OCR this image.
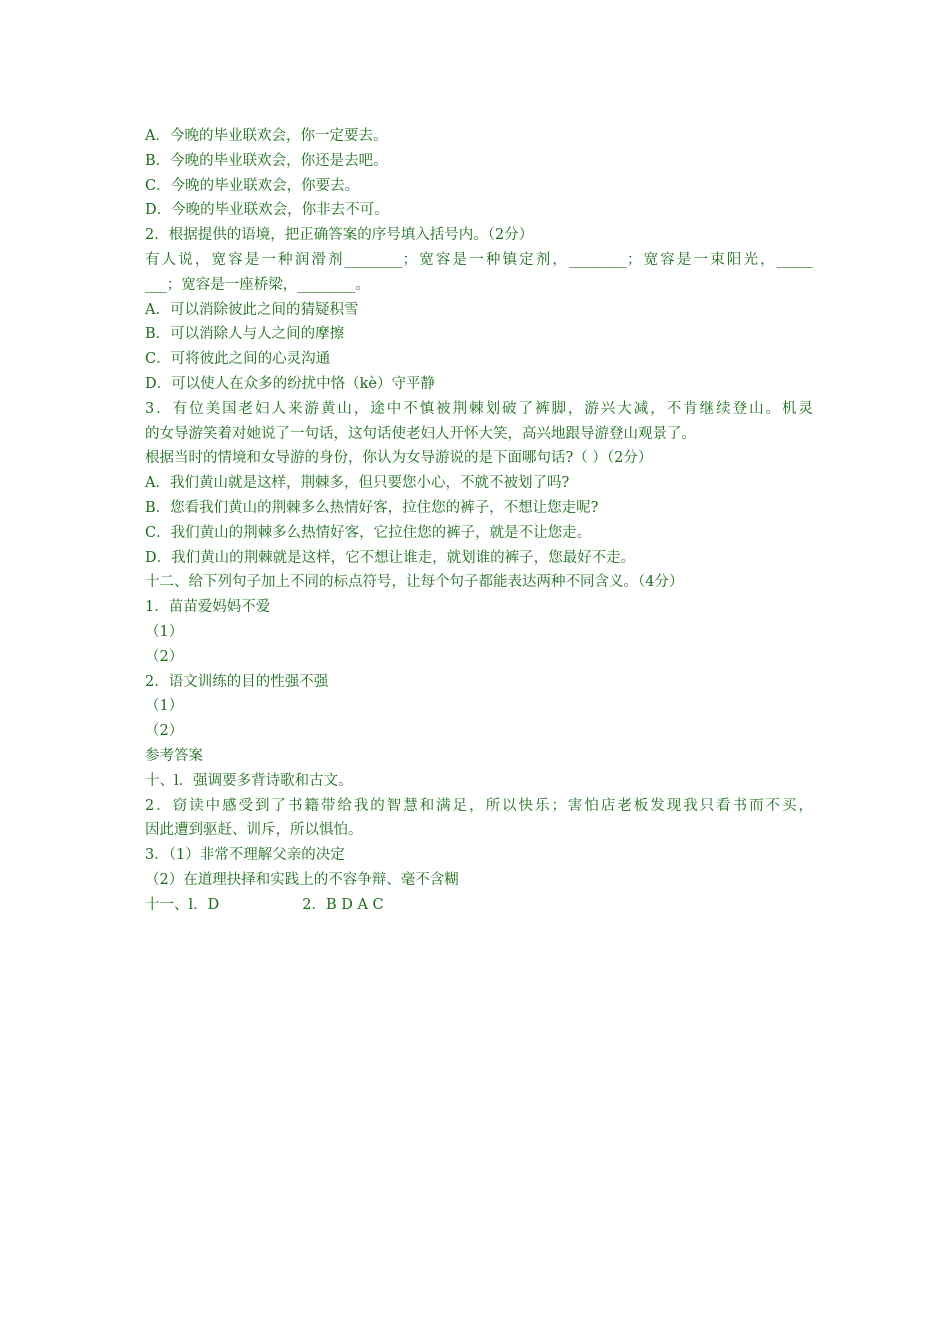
A．今晚的毕业联欢会，你一定要去。
B．今晚的毕业联欢会，你还是去吧。
C．今晚的毕业联欢会，你要去。
D．今晚的毕业联欢会，你非去不可。
2．根据提供的语境，把正确答案的序号填入括号内。（2分）
有人说，宽容是一种润滑剂________；宽容是一种镇定剂，________；宽容是一束阳光，_____
___；宽容是一座桥梁，________。
A．可以消除彼此之间的猜疑积雪
B．可以消除人与人之间的摩擦
C．可将彼此之间的心灵沟通
D．可以使人在众多的纷扰中恪（kè）守平静
3．有位美国老妇人来游黄山，途中不慎被荆棘划破了裤脚，游兴大减，不肯继续登山。机灵
的女导游笑着对她说了一句话，这句话使老妇人开怀大笑，高兴地跟导游登山观景了。
根据当时的情境和女导游的身份，你认为女导游说的是下面哪句话?（ ）（2分）
A．我们黄山就是这样，荆棘多，但只要您小心，不就不被划了吗?
B．您看我们黄山的荆棘多么热情好客，拉住您的裤子，不想让您走呢?
C．我们黄山的荆棘多么热情好客，它拉住您的裤子，就是不让您走。
D．我们黄山的荆棘就是这样，它不想让谁走，就划谁的裤子，您最好不走。
十二、给下列句子加上不同的标点符号，让每个句子都能表达两种不同含义。（4分）
1．苗苗爱妈妈不爱
（1）
（2）
2．语文训练的目的性强不强
（1）
（2）
参考答案
十、l．强调要多背诗歌和古文。
2．窃读中感受到了书籍带给我的智慧和满足，所以快乐；害怕店老板发现我只看书而不买，
因此遭到驱赶、训斥，所以惧怕。
3．（1）非常不理解父亲的决定
（2）在道理抉择和实践上的不容争辩、毫不含糊
十一、l．D                  2．B D A C
